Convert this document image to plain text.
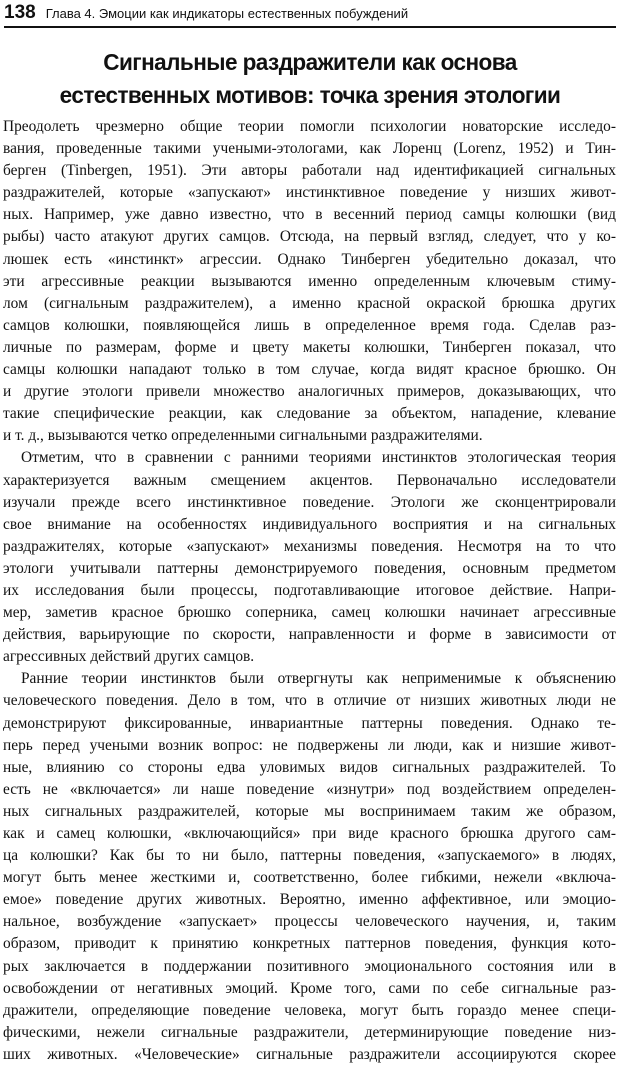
138 Глава 4. Эмоции как индикаторы естественных побуждений
Сигнальные раздражители как основа
естественных мотивов: точка зрения этологии
Преодолеть чрезмерно общие теории помогли психологии новаторские исследо-
вания, проведенные такими учеными-этологами, как Лоренц (Lorenz, 1952) и Тин-
берген (Tinbergen, 1951). Эти авторы работали над идентификацией сигнальных
раздражителей, которые «запускают» инстинктивное поведение у низших живот-
ных. Например, уже давно известно, что в весенний период самцы колюшки (вид
рыбы) часто атакуют других самцов. Отсюда, на первый взгляд, следует, что у ко-
люшек есть «инстинкт» агрессии. Однако Тинберген убедительно доказал, что
эти агрессивные реакции вызываются именно определенным ключевым стиму-
лом (сигнальным раздражителем), а именно красной окраской брюшка других
самцов колюшки, появляющейся лишь в определенное время года. Сделав раз-
личные по размерам, форме и цвету макеты колюшки, Тинберген показал, что
самцы колюшки нападают только в том случае, когда видят красное брюшко. Он
и другие этологи привели множество аналогичных примеров, доказывающих, что
такие специфические реакции, как следование за объектом, нападение, клевание
и т. д., вызываются четко определенными сигнальными раздражителями.
Отметим, что в сравнении с ранними теориями инстинктов этологическая теория
характеризуется важным смещением акцентов. Первоначально исследователи
изучали прежде всего инстинктивное поведение. Этологи же сконцентрировали
свое внимание на особенностях индивидуального восприятия и на сигнальных
раздражителях, которые «запускают» механизмы поведения. Несмотря на то что
этологи учитывали паттерны демонстрируемого поведения, основным предметом
их исследования были процессы, подготавливающие итоговое действие. Напри-
мер, заметив красное брюшко соперника, самец колюшки начинает агрессивные
действия, варьирующие по скорости, направленности и форме в зависимости от
агрессивных действий других самцов.
Ранние теории инстинктов были отвергнуты как неприменимые к объяснению
человеческого поведения. Дело в том, что в отличие от низших животных люди не
демонстрируют фиксированные, инвариантные паттерны поведения. Однако те-
перь перед учеными возник вопрос: не подвержены ли люди, как и низшие живот-
ные, влиянию со стороны едва уловимых видов сигнальных раздражителей. То
есть не «включается» ли наше поведение «изнутри» под воздействием определен-
ных сигнальных раздражителей, которые мы воспринимаем таким же образом,
как и самец колюшки, «включающийся» при виде красного брюшка другого сам-
ца колюшки? Как бы то ни было, паттерны поведения, «запускаемого» в людях,
могут быть менее жесткими и, соответственно, более гибкими, нежели «включа-
емое» поведение других животных. Вероятно, именно аффективное, или эмоцио-
нальное, возбуждение «запускает» процессы человеческого научения, и, таким
образом, приводит к принятию конкретных паттернов поведения, функция кото-
рых заключается в поддержании позитивного эмоционального состояния или в
освобождении от негативных эмоций. Кроме того, сами по себе сигнальные раз-
дражители, определяющие поведение человека, могут быть гораздо менее специ-
фическими, нежели сигнальные раздражители, детерминирующие поведение низ-
ших животных. «Человеческие» сигнальные раздражители ассоциируются скорее
